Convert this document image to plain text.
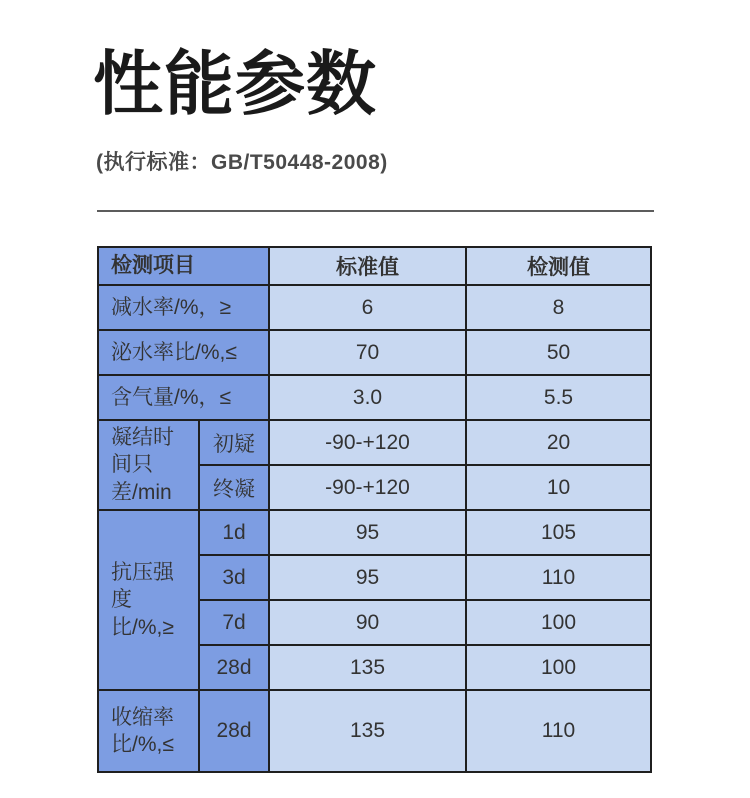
性能参数
(执行标准：GB/T50448-2008)
检测项目		标准值	检测值
减水率/%，≥		6	8
泌水率比/%,≤		70	50
含气量/%，≤		3.0	5.5
凝结时间只差/min	初疑	-90-+120	20
	终凝	-90-+120	10
抗压强度比/%,≥	1d	95	105
	3d	95	110
	7d	90	100
	28d	135	100
收缩率比/%,≤	28d	135	110
